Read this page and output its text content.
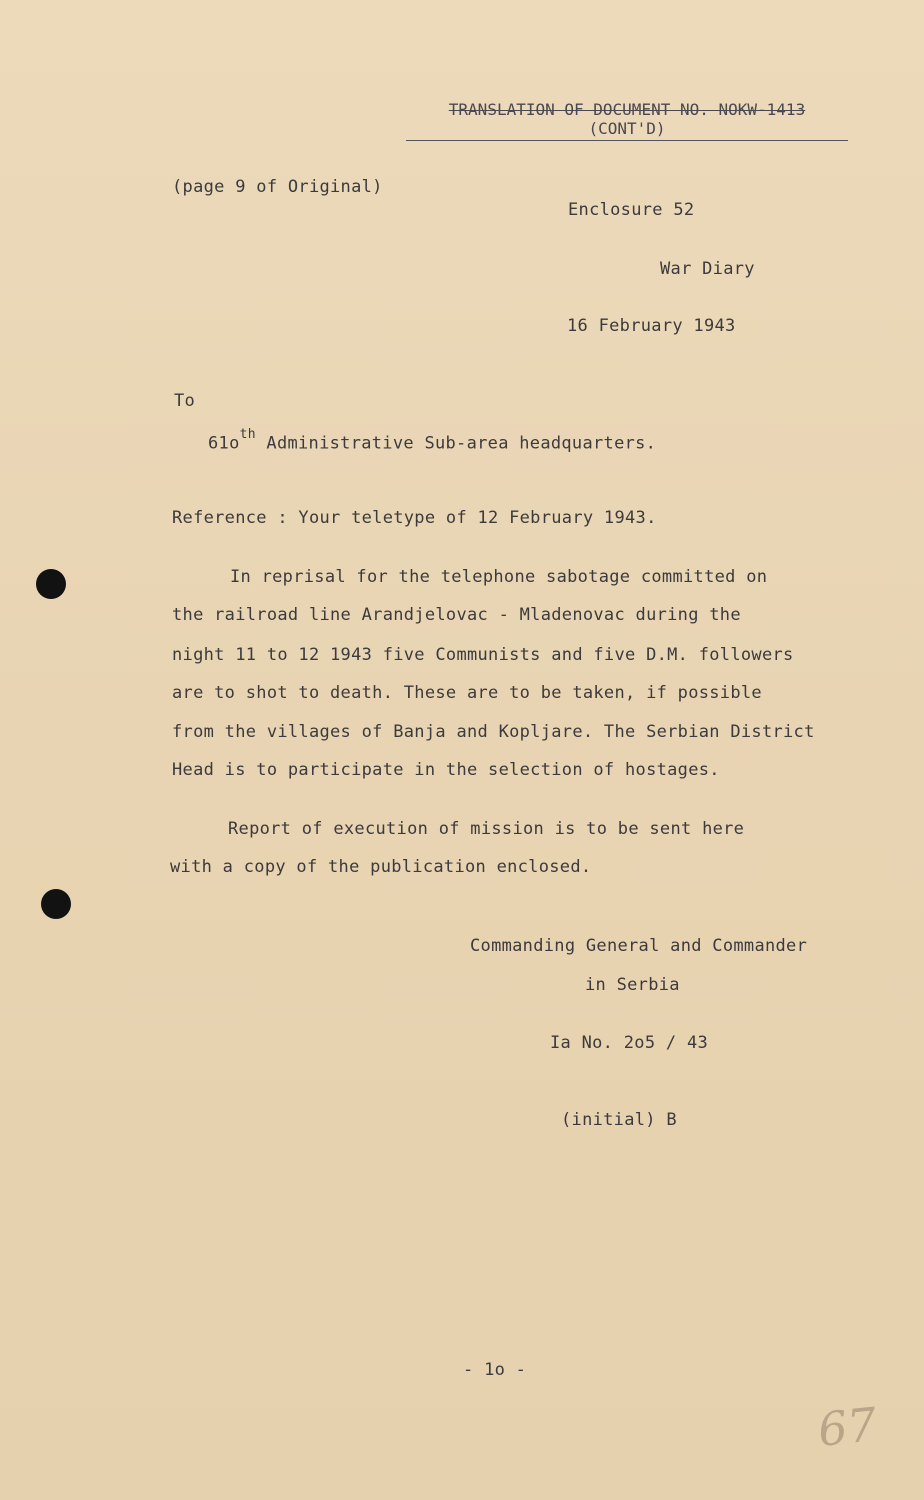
TRANSLATION OF DOCUMENT NO. NOKW-1413
(CONT'D)
(page 9 of Original)
Enclosure 52
War Diary
16 February 1943
To
$61o^{th}$ Administrative Sub-area headquarters.
Reference : Your teletype of 12 February 1943.
In reprisal for the telephone sabotage committed on
the railroad line Arandjelovac - Mladenovac during the
night 11 to 12 1943 five Communists and five D.M. followers
are to shot to death. These are to be taken, if possible
from the villages of Banja and Kopljare. The Serbian District
Head is to participate in the selection of hostages.
Report of execution of mission is to be sent here
with a copy of the publication enclosed.
Commanding General and Commander
in Serbia
Ia No. 2o5 / 43
(initial) B
- 1o -
67
